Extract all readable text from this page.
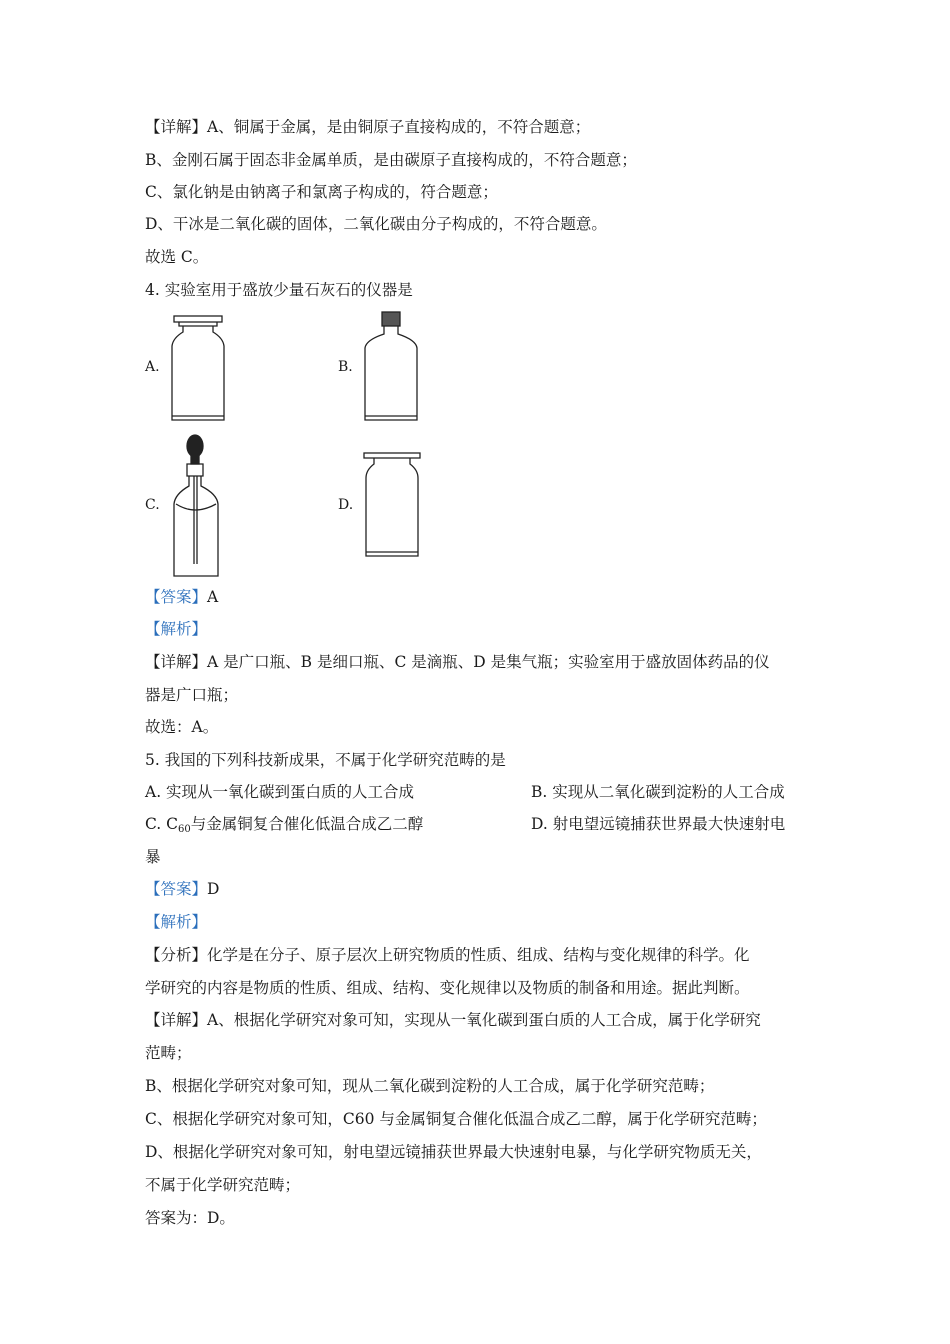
【详解】A、铜属于金属，是由铜原子直接构成的，不符合题意；
B、金刚石属于固态非金属单质，是由碳原子直接构成的，不符合题意；
C、氯化钠是由钠离子和氯离子构成的，符合题意；
D、干冰是二氧化碳的固体，二氧化碳由分子构成的，不符合题意。
故选 C。
4. 实验室用于盛放少量石灰石的仪器是
A.	B.
C.	D.
【答案】A
【解析】
【详解】A 是广口瓶、B 是细口瓶、C 是滴瓶、D 是集气瓶；实验室用于盛放固体药品的仪
器是广口瓶；
故选：A。
5. 我国的下列科技新成果，不属于化学研究范畴的是
A. 实现从一氧化碳到蛋白质的人工合成	B. 实现从二氧化碳到淀粉的人工合成
C. $C_{60}$与金属铜复合催化低温合成乙二醇	D. 射电望远镜捕获世界最大快速射电
暴
【答案】D
【解析】
【分析】化学是在分子、原子层次上研究物质的性质、组成、结构与变化规律的科学。化
学研究的内容是物质的性质、组成、结构、变化规律以及物质的制备和用途。据此判断。
【详解】A、根据化学研究对象可知，实现从一氧化碳到蛋白质的人工合成，属于化学研究
范畴；
B、根据化学研究对象可知，现从二氧化碳到淀粉的人工合成，属于化学研究范畴；
C、根据化学研究对象可知，C60 与金属铜复合催化低温合成乙二醇，属于化学研究范畴；
D、根据化学研究对象可知，射电望远镜捕获世界最大快速射电暴，与化学研究物质无关，
不属于化学研究范畴；
答案为：D。
